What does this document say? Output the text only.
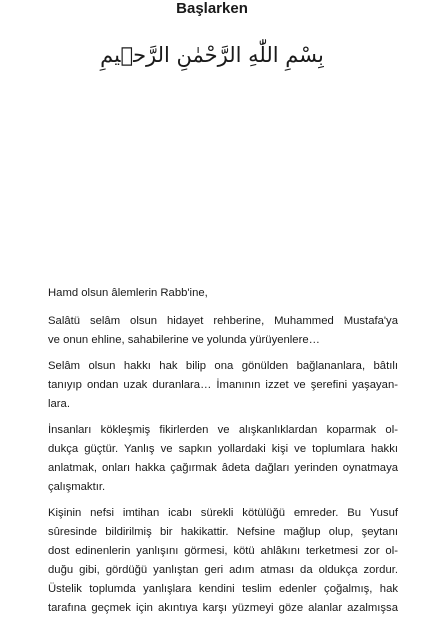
Başlarken
بِسْمِ اللّٰهِ الرَّحْمٰنِ الرَّح۪يمِ

Hamd olsun âlemlerin Rabb'ine,

Salâtü selâm olsun hidayet rehberine, Muhammed Mustafa'ya
ve onun ehline, sahabilerine ve yolunda yürüyenlere…

Selâm olsun hakkı hak bilip ona gönülden bağlananlara, bâtılı
tanıyıp ondan uzak duranlara… İmanının izzet ve şerefini yaşayan-
lara.

İnsanları kökleşmiş fikirlerden ve alışkanlıklardan koparmak ol-
dukça güçtür. Yanlış ve sapkın yollardaki kişi ve toplumlara hakkı
anlatmak, onları hakka çağırmak âdeta dağları yerinden oynatmaya
çalışmaktır.

Kişinin nefsi imtihan icabı sürekli kötülüğü emreder. Bu Yusuf
sûresinde bildirilmiş bir hakikattir. Nefsine mağlup olup, şeytanı
dost edinenlerin yanlışını görmesi, kötü ahlâkını terketmesi zor ol-
duğu gibi, gördüğü yanlıştan geri adım atması da oldukça zordur.
Üstelik toplumda yanlışlara kendini teslim edenler çoğalmış, hak
tarafına geçmek için akıntıya karşı yüzmeyi göze alanlar azalmışsa
